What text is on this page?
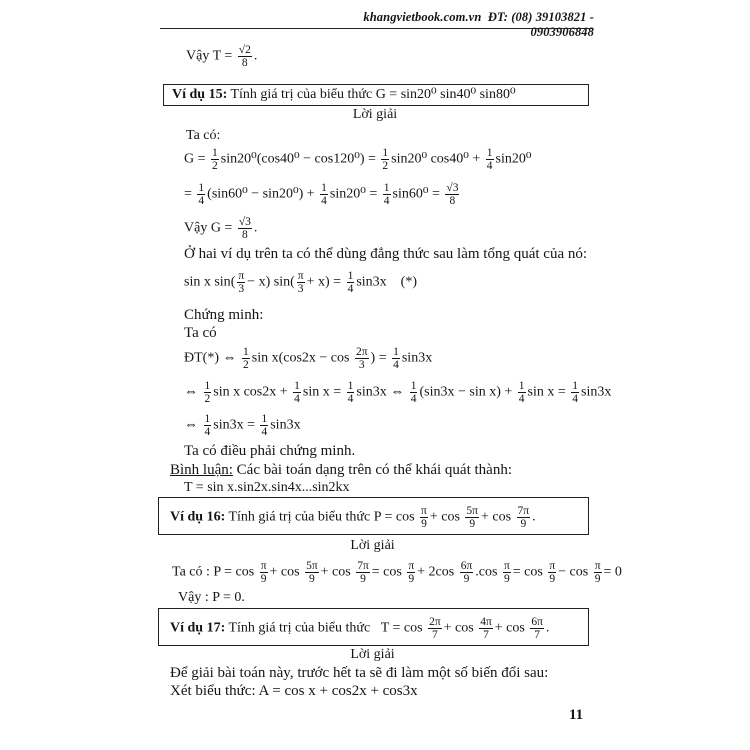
khangvietbook.com.vn ĐT: (08) 39103821 - 0903906848
Vậy $T = \frac{√2}{8}$ .
Ví dụ 15: Tính giá trị của biểu thức G = sin20⁰ sin40⁰ sin80⁰
Lời giải
Ta có:
$G = \frac{1}{2} \sin 20^0(\cos 40^0 - \cos 120^0) = \frac{1}{2} \sin 20^0$ $\cos 40^0 + \frac{1}{4} \sin 20^0$
= $\frac{1}{4} (\sin 60^0 - \sin 20^0) + \frac{1}{4} \sin 20^0 = \frac{1}{4} \sin 60^0 = \frac{√3}{8}$
Vậy $G = \frac{√3}{8}$ .
Ở hai ví dụ trên ta có thể dùng đẳng thức sau làm tổng quát của nó:
sin x $\sin( \frac{\pi}{3} - x)$ $\sin( \frac{\pi}{3} + x) = \frac{1}{4} \sin 3x$ (*)
Chứng minh:
Ta có
ĐT(*) ⇔ $\frac{1}{2}$ $\sin x(\cos 2x - \cos \frac{2\pi}{3}$ ) = $\frac{1}{4} \sin 3x$
⇔ $\frac{1}{2}$ sin x $\cos 2x + \frac{1}{4}$ $\sin x = \frac{1}{4} \sin 3x$ ⇔ $\frac{1}{4} (\sin 3x - \sin x) + \frac{1}{4}$ $\sin x = \frac{1}{4} \sin 3x$
⇔ $\frac{1}{4} \sin 3x = \frac{1}{4} \sin 3x$
Ta có điều phải chứng minh.
Bình luận: Các bài toán dạng trên có thể khái quát thành:
T = sin x.sin2x.sin4x...sin2kx
Ví dụ 16: Tính giá trị của biểu thức $P = \cos \frac{\pi}{9} + \cos \frac{5\pi}{9} + \cos \frac{7\pi}{9}$ .
Lời giải
Ta có : $P = \cos \frac{\pi}{9} + \cos \frac{5\pi}{9} + \cos \frac{7\pi}{9} = \cos \frac{\pi}{9} + 2\cos \frac{6\pi}{9} .\cos \frac{\pi}{9} = \cos \frac{\pi}{9} - \cos \frac{\pi}{9} = 0$
Vậy : P = 0.
Ví dụ 17: Tính giá trị của biểu thức $T = \cos \frac{2\pi}{7} + \cos \frac{4\pi}{7} + \cos \frac{6\pi}{7}$ .
Lời giải
Để giải bài toán này, trước hết ta sẽ đi làm một số biến đổi sau:
Xét biểu thức: A = cos x + cos2x + cos3x
11
